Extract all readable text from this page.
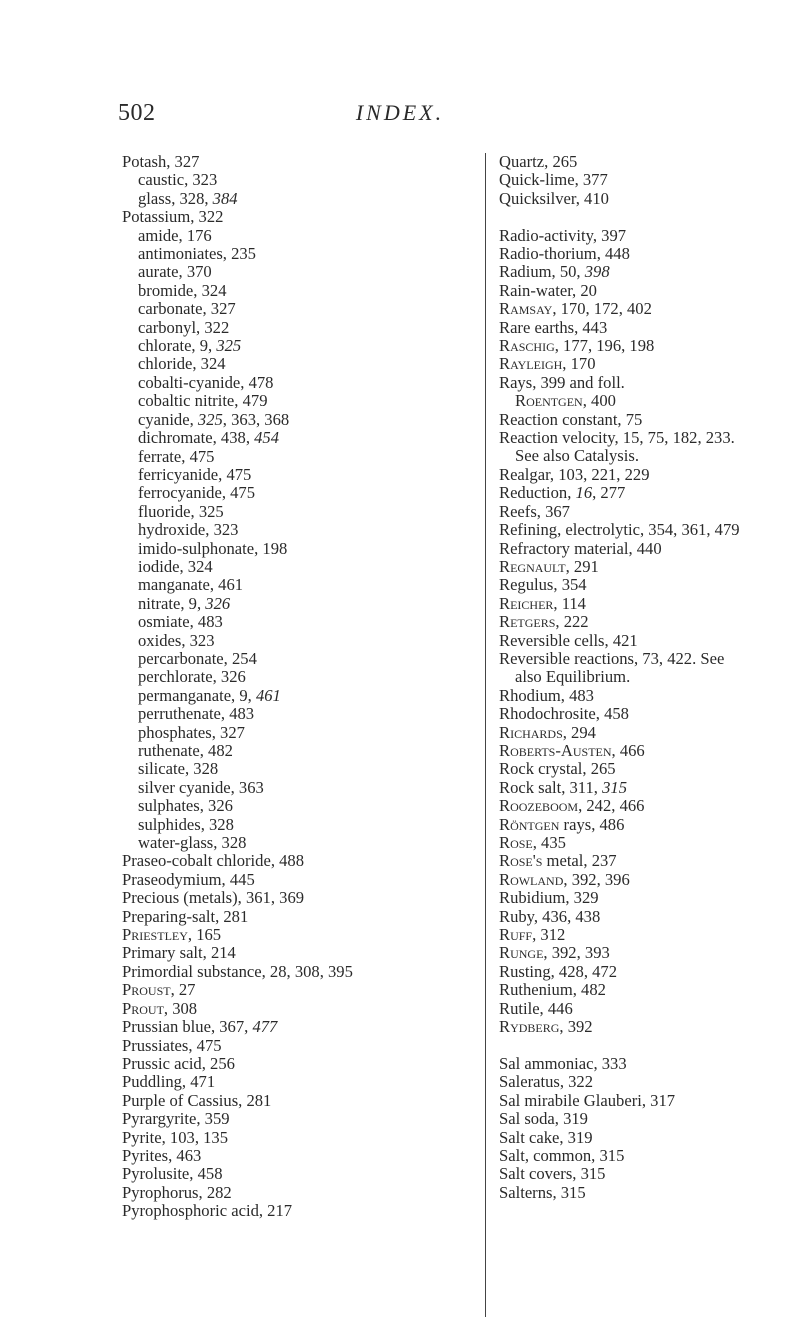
502	INDEX.
Potash, 327
caustic, 323
glass, 328, 384
Potassium, 322
amide, 176
antimoniates, 235
aurate, 370
bromide, 324
carbonate, 327
carbonyl, 322
chlorate, 9, 325
chloride, 324
cobalti-cyanide, 478
cobaltic nitrite, 479
cyanide, 325, 363, 368
dichromate, 438, 454
ferrate, 475
ferricyanide, 475
ferrocyanide, 475
fluoride, 325
hydroxide, 323
imido-sulphonate, 198
iodide, 324
manganate, 461
nitrate, 9, 326
osmiate, 483
oxides, 323
percarbonate, 254
perchlorate, 326
permanganate, 9, 461
perruthenate, 483
phosphates, 327
ruthenate, 482
silicate, 328
silver cyanide, 363
sulphates, 326
sulphides, 328
water-glass, 328
Praseo-cobalt chloride, 488
Praseodymium, 445
Precious (metals), 361, 369
Preparing-salt, 281
Priestley, 165
Primary salt, 214
Primordial substance, 28, 308, 395
Proust, 27
Prout, 308
Prussian blue, 367, 477
Prussiates, 475
Prussic acid, 256
Puddling, 471
Purple of Cassius, 281
Pyrargyrite, 359
Pyrite, 103, 135
Pyrites, 463
Pyrolusite, 458
Pyrophorus, 282
Pyrophosphoric acid, 217
Quartz, 265
Quick-lime, 377
Quicksilver, 410
Radio-activity, 397
Radio-thorium, 448
Radium, 50, 398
Rain-water, 20
Ramsay, 170, 172, 402
Rare earths, 443
Raschig, 177, 196, 198
Rayleigh, 170
Rays, 399 and foll.
Roentgen, 400
Reaction constant, 75
Reaction velocity, 15, 75, 182, 233.
See also Catalysis.
Realgar, 103, 221, 229
Reduction, 16, 277
Reefs, 367
Refining, electrolytic, 354, 361, 479
Refractory material, 440
Regnault, 291
Regulus, 354
Reicher, 114
Retgers, 222
Reversible cells, 421
Reversible reactions, 73, 422. See
also Equilibrium.
Rhodium, 483
Rhodochrosite, 458
Richards, 294
Roberts-Austen, 466
Rock crystal, 265
Rock salt, 311, 315
Roozeboom, 242, 466
Röntgen rays, 486
Rose, 435
Rose's metal, 237
Rowland, 392, 396
Rubidium, 329
Ruby, 436, 438
Ruff, 312
Runge, 392, 393
Rusting, 428, 472
Ruthenium, 482
Rutile, 446
Rydberg, 392
Sal ammoniac, 333
Saleratus, 322
Sal mirabile Glauberi, 317
Sal soda, 319
Salt cake, 319
Salt, common, 315
Salt covers, 315
Salterns, 315
